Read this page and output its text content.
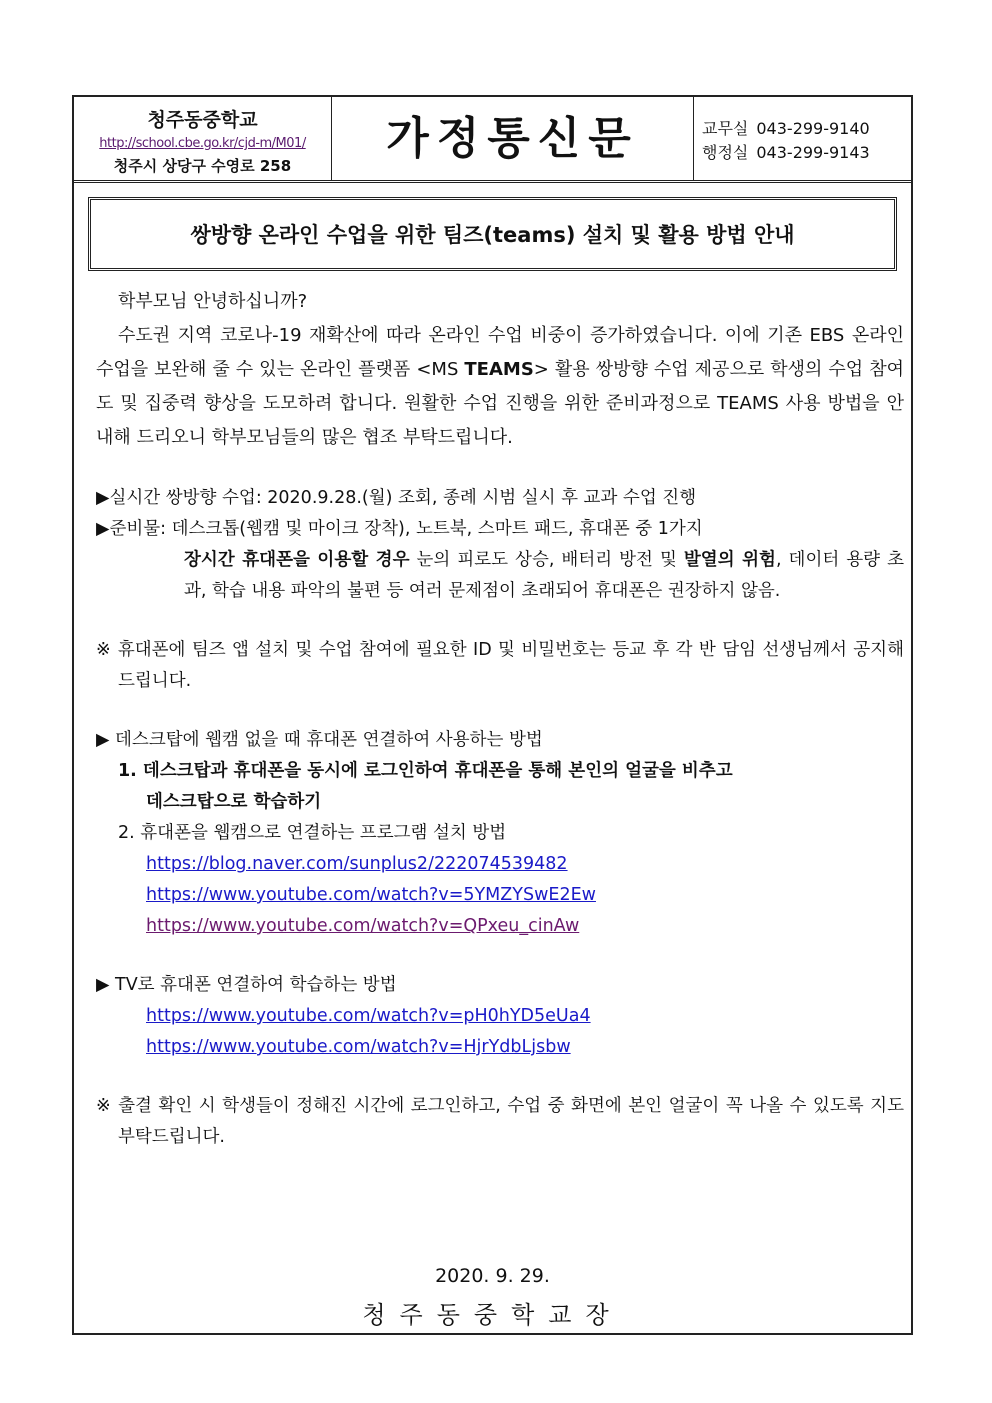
청주동중학교
http://school.cbe.go.kr/cjd-m/M01/
청주시 상당구 수영로 258
가정통신문	교무실 043-299-9140
행정실 043-299-9143
쌍방향 온라인 수업을 위한 팀즈(teams) 설치 및 활용 방법 안내

학부모님 안녕하십니까?

수도권 지역 코로나-19 재확산에 따라 온라인 수업 비중이 증가하였습니다. 이에 기존 EBS 온라인 수업을 보완해 줄 수 있는 온라인 플랫폼 <MS TEAMS> 활용 쌍방향 수업 제공으로 학생의 수업 참여도 및 집중력 향상을 도모하려 합니다. 원활한 수업 진행을 위한 준비과정으로 TEAMS 사용 방법을 안내해 드리오니 학부모님들의 많은 협조 부탁드립니다.

▶실시간 쌍방향 수업: 2020.9.28.(월) 조회, 종례 시범 실시 후 교과 수업 진행

▶준비물: 데스크톱(웹캠 및 마이크 장착), 노트북, 스마트 패드, 휴대폰 중 1가지

장시간 휴대폰을 이용할 경우 눈의 피로도 상승, 배터리 방전 및 발열의 위험, 데이터 용량 초과, 학습 내용 파악의 불편 등 여러 문제점이 초래되어 휴대폰은 권장하지 않음.

※ 휴대폰에 팀즈 앱 설치 및 수업 참여에 필요한 ID 및 비밀번호는 등교 후 각 반 담임 선생님께서 공지해 드립니다.

▶ 데스크탑에 웹캠 없을 때 휴대폰 연결하여 사용하는 방법

1. 데스크탑과 휴대폰을 동시에 로그인하여 휴대폰을 통해 본인의 얼굴을 비추고

데스크탑으로 학습하기

2. 휴대폰을 웹캠으로 연결하는 프로그램 설치 방법

https://blog.naver.com/sunplus2/222074539482

https://www.youtube.com/watch?v=5YMZYSwE2Ew

https://www.youtube.com/watch?v=QPxeu_cinAw

▶ TV로 휴대폰 연결하여 학습하는 방법

https://www.youtube.com/watch?v=pH0hYD5eUa4

https://www.youtube.com/watch?v=HjrYdbLjsbw

※ 출결 확인 시 학생들이 정해진 시간에 로그인하고, 수업 중 화면에 본인 얼굴이 꼭 나올 수 있도록 지도 부탁드립니다.

2020. 9. 29.
청주동중학교장
